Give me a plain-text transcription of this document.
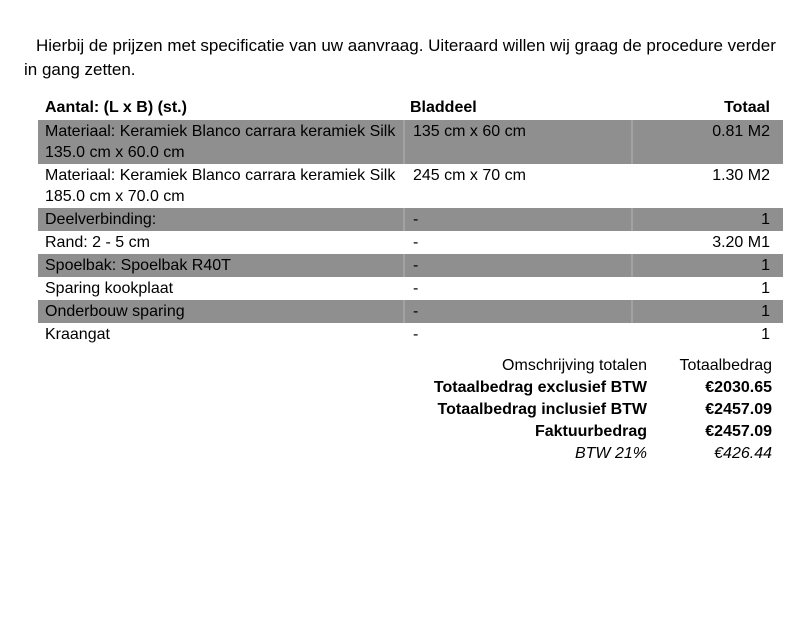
Hierbij de prijzen met specificatie van uw aanvraag. Uiteraard willen wij graag de procedure verder in gang zetten.

Aantal: (L x B) (st.)	Bladdeel	Totaal

Materiaal: Keramiek Blanco carrara keramiek Silk
135.0 cm x 60.0 cm	135 cm x 60 cm	0.81 M2

Materiaal: Keramiek Blanco carrara keramiek Silk
185.0 cm x 70.0 cm	245 cm x 70 cm	1.30 M2

Deelverbinding:	-	1

Rand: 2 - 5 cm	-	3.20 M1

Spoelbak: Spoelbak R40T	-	1

Sparing kookplaat	-	1

Onderbouw sparing	-	1

Kraangat	-	1
Omschrijving totalen	Totaalbedrag
Totaalbedrag exclusief BTW	€2030.65
Totaalbedrag inclusief BTW	€2457.09
Faktuurbedrag	€2457.09
BTW 21%	€426.44
